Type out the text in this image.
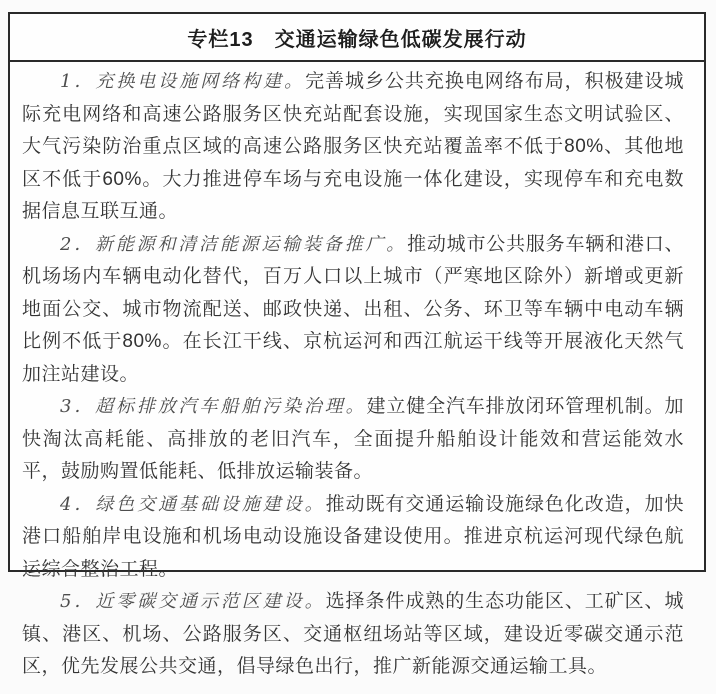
专栏13　交通运输绿色低碳发展行动

1．充换电设施网络构建。完善城乡公共充换电网络布局，积极建设城际充电网络和高速公路服务区快充站配套设施，实现国家生态文明试验区、大气污染防治重点区域的高速公路服务区快充站覆盖率不低于80%、其他地区不低于60%。大力推进停车场与充电设施一体化建设，实现停车和充电数据信息互联互通。

2．新能源和清洁能源运输装备推广。推动城市公共服务车辆和港口、机场场内车辆电动化替代，百万人口以上城市（严寒地区除外）新增或更新地面公交、城市物流配送、邮政快递、出租、公务、环卫等车辆中电动车辆比例不低于80%。在长江干线、京杭运河和西江航运干线等开展液化天然气加注站建设。

3．超标排放汽车船舶污染治理。建立健全汽车排放闭环管理机制。加快淘汰高耗能、高排放的老旧汽车，全面提升船舶设计能效和营运能效水平，鼓励购置低能耗、低排放运输装备。

4．绿色交通基础设施建设。推动既有交通运输设施绿色化改造，加快港口船舶岸电设施和机场电动设施设备建设使用。推进京杭运河现代绿色航运综合整治工程。

5．近零碳交通示范区建设。选择条件成熟的生态功能区、工矿区、城镇、港区、机场、公路服务区、交通枢纽场站等区域，建设近零碳交通示范区，优先发展公共交通，倡导绿色出行，推广新能源交通运输工具。
